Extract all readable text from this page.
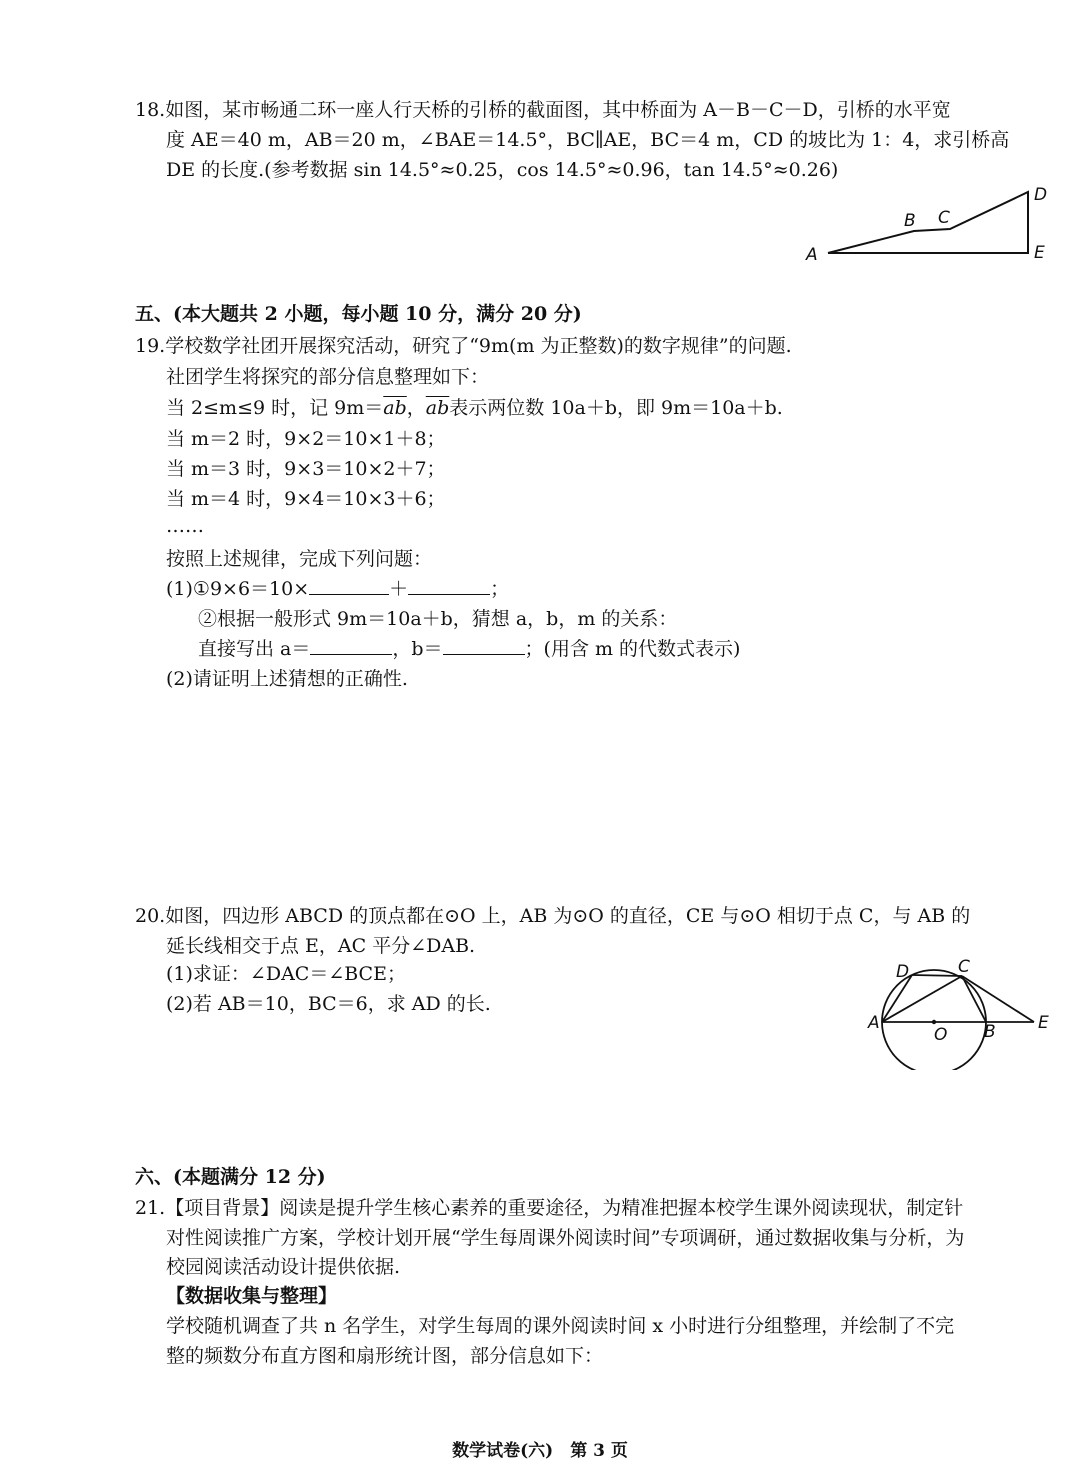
18.如图，某市畅通二环一座人行天桥的引桥的截面图，其中桥面为 A－B－C－D，引桥的水平宽
度 AE＝40 m，AB＝20 m，∠BAE＝14.5°，BC∥AE，BC＝4 m，CD 的坡比为 1：4，求引桥高
DE 的长度.(参考数据 sin 14.5°≈0.25，cos 14.5°≈0.96，tan 14.5°≈0.26)
A
B C
D
E
五、(本大题共 2 小题，每小题 10 分，满分 20 分)
19.学校数学社团开展探究活动，研究了“9m(m 为正整数)的数字规律”的问题.
社团学生将探究的部分信息整理如下：
当 2≤m≤9 时，记 $9m=\overline{ab}$，$\overline{ab}$表示两位数 10a＋b，即 9m＝10a＋b.
当 m＝2 时，9×2＝10×1＋8；
当 m＝3 时，9×3＝10×2＋7；
当 m＝4 时，9×4＝10×3＋6；
……
按照上述规律，完成下列问题：
(1)①9×6＝10×	＋	；
②根据一般形式 9m＝10a＋b，猜想 a，b，m 的关系：
直接写出 a＝	，b＝	；(用含 m 的代数式表示)
(2)请证明上述猜想的正确性.
20.如图，四边形 ABCD 的顶点都在⊙O 上，AB 为⊙O 的直径，CE 与⊙O 相切于点 C，与 AB 的
延长线相交于点 E，AC 平分∠DAB.
(1)求证：∠DAC＝∠BCE；
(2)若 AB＝10，BC＝6，求 AD 的长.
D	C
A
O B E
六、(本题满分 12 分)
21.【项目背景】阅读是提升学生核心素养的重要途径，为精准把握本校学生课外阅读现状，制定针
对性阅读推广方案，学校计划开展“学生每周课外阅读时间”专项调研，通过数据收集与分析，为
校园阅读活动设计提供依据.
【数据收集与整理】
学校随机调查了共 n 名学生，对学生每周的课外阅读时间 x 小时进行分组整理，并绘制了不完
整的频数分布直方图和扇形统计图，部分信息如下：
数学试卷(六)　第 3 页
